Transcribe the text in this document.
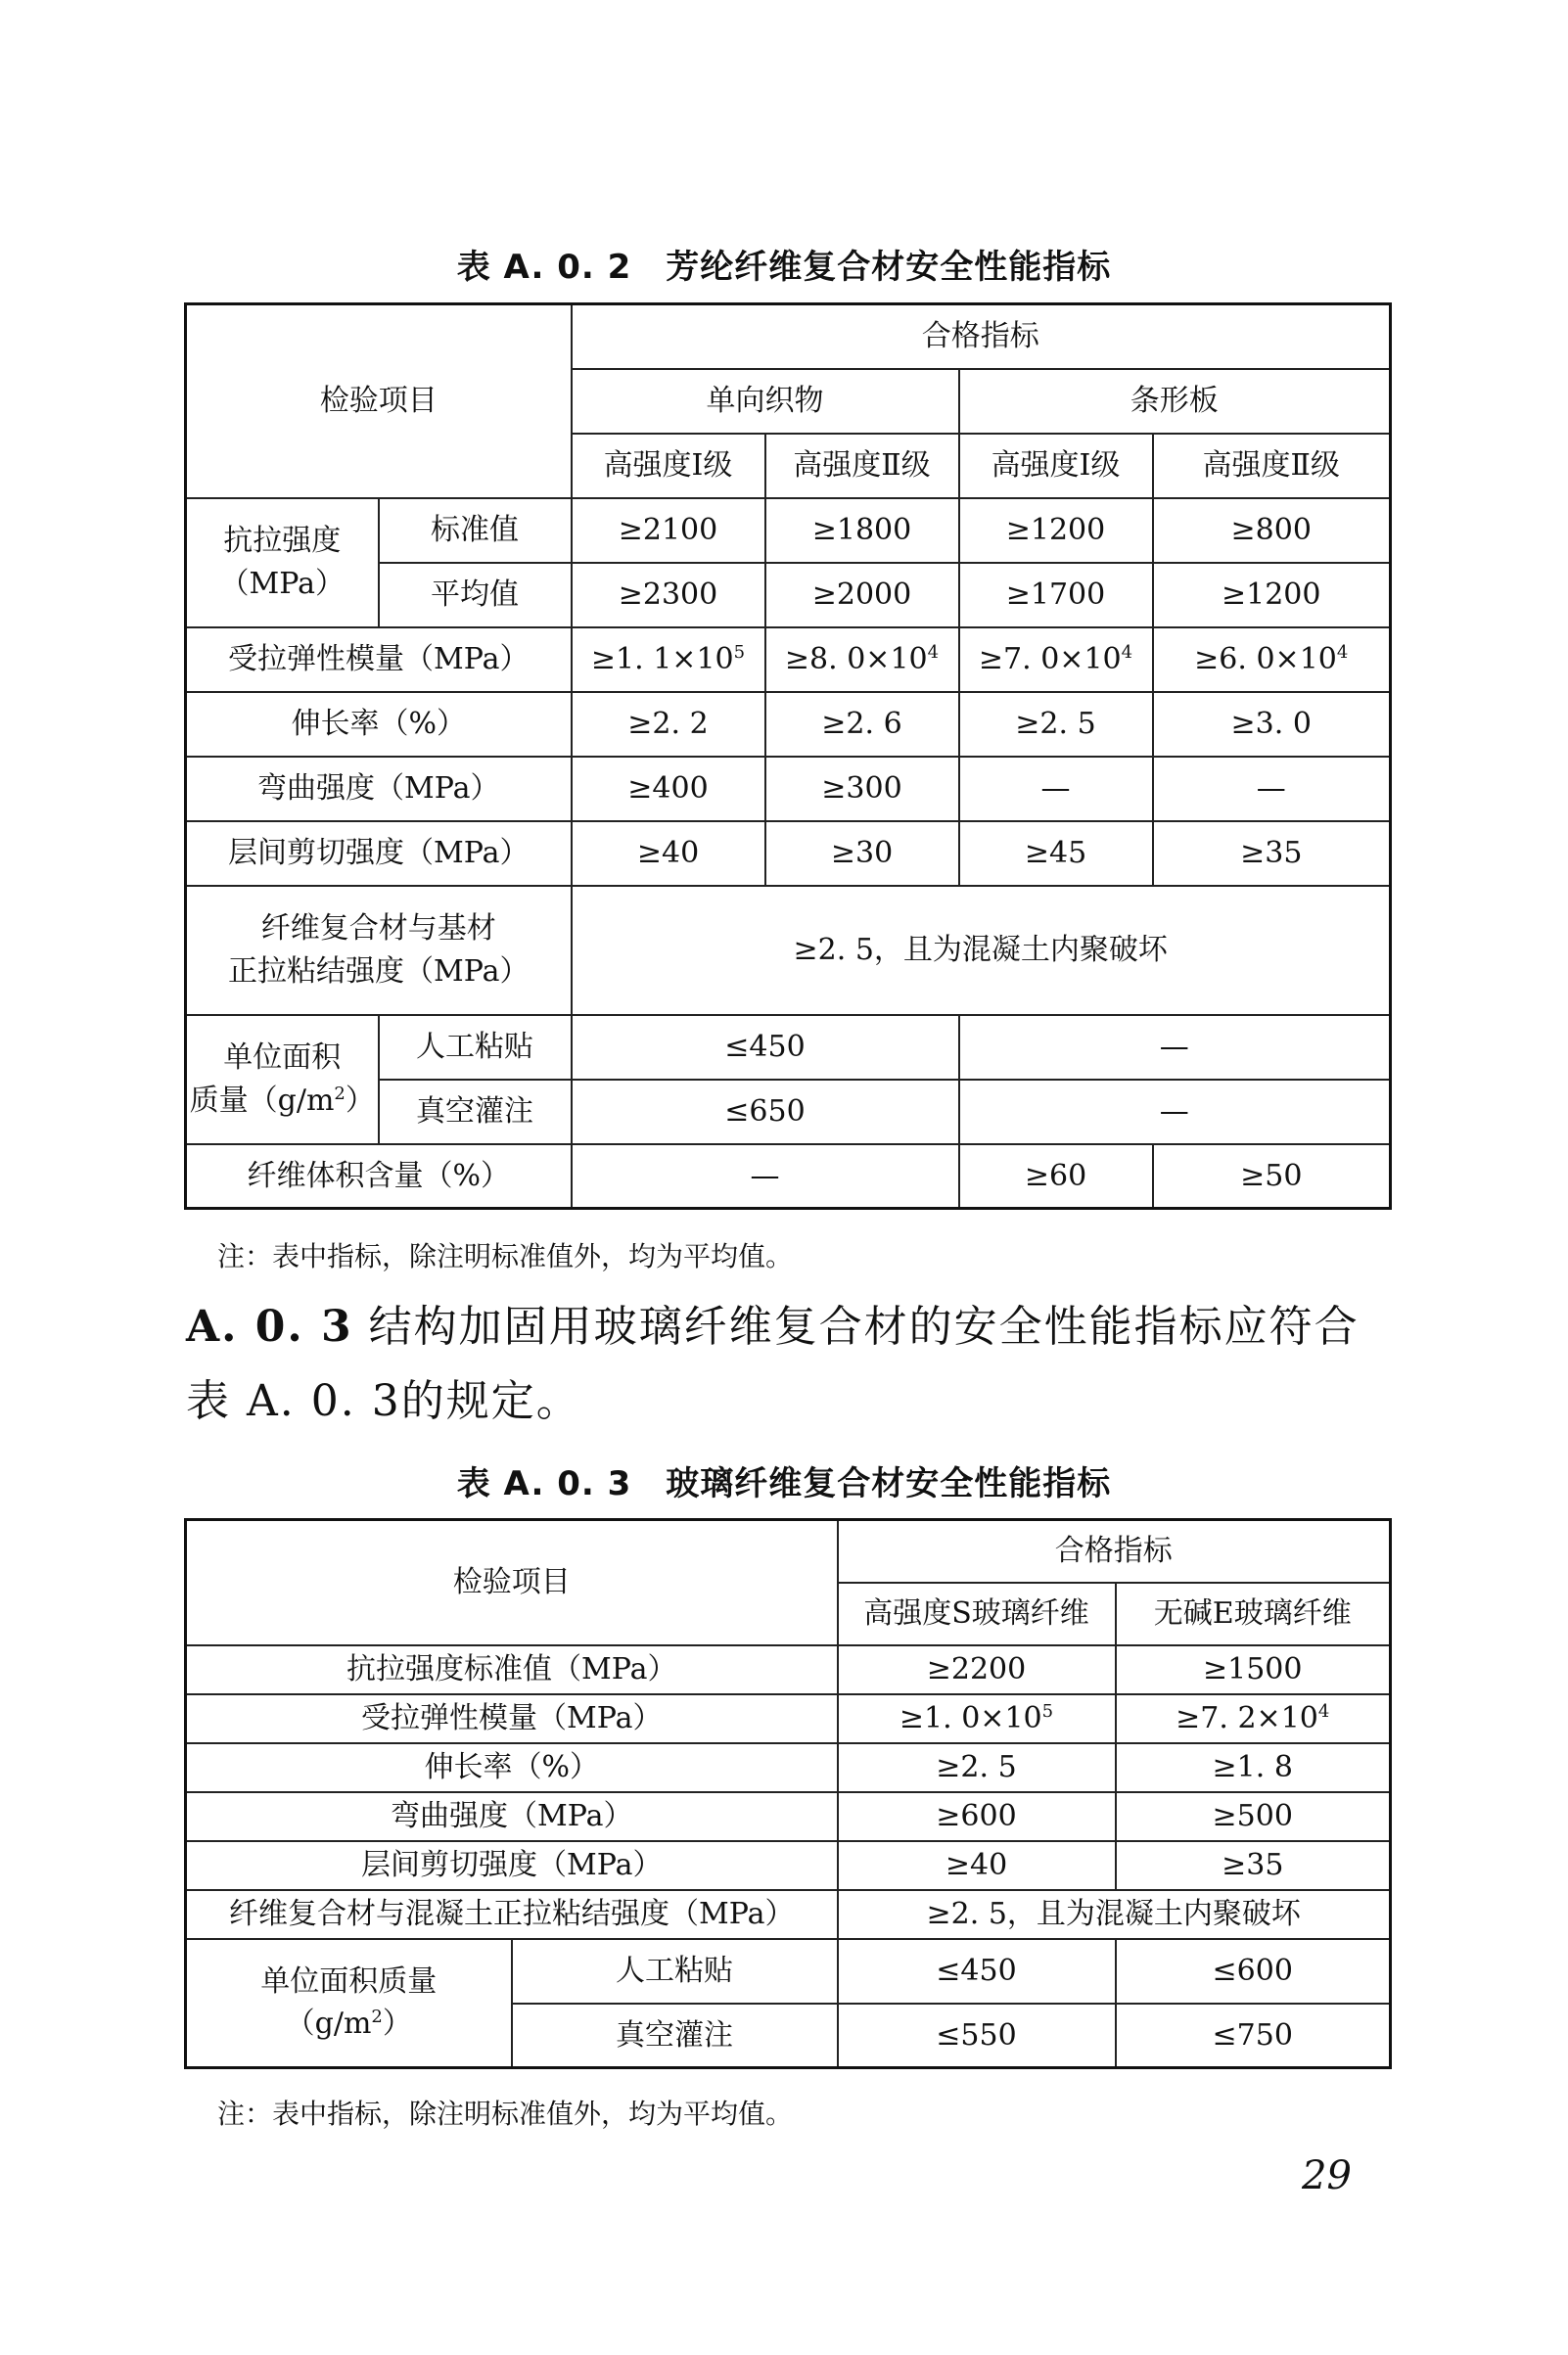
表 A. 0. 2　芳纶纤维复合材安全性能指标
检验项目		合格指标			
		单向织物		条形板	
		高强度Ⅰ级	高强度Ⅱ级	高强度Ⅰ级	高强度Ⅱ级

抗拉强度
（MPa）	标准值	≥2100	≥1800	≥1200	≥800
	平均值	≥2300	≥2000	≥1700	≥1200
受拉弹性模量（MPa）		≥1. $1\times 10^5$	≥8. $0\times 10^4$	≥7. $0\times 10^4$	≥6. $0\times 10^4$
伸长率（%）		≥2. 2	≥2. 6	≥2. 5	≥3. 0
弯曲强度（MPa）		≥400	≥300	—	—
层间剪切强度（MPa）		≥40	≥30	≥45	≥35

纤维复合材与基材
正拉粘结强度（MPa）		≥2. 5，且为混凝土内聚破坏			

单位面积
质量$(g/m^2)$	人工粘贴	≤450		—	
	真空灌注	≤650		—	
纤维体积含量（%）		—		≥60	≥50
注：表中指标，除注明标准值外，均为平均值。
A. 0. 3 结构加固用玻璃纤维复合材的安全性能指标应符合表 A. 0. 3的规定。
表 A. 0. 3　玻璃纤维复合材安全性能指标
检验项目		合格指标	
		高强度S玻璃纤维	无碱E玻璃纤维
抗拉强度标准值（MPa）		≥2200	≥1500
受拉弹性模量（MPa）		≥1. $0\times 10^5$	≥7. $2\times 10^4$
伸长率（%）		≥2. 5	≥1. 8
弯曲强度（MPa）		≥600	≥500
层间剪切强度（MPa）		≥40	≥35
纤维复合材与混凝土正拉粘结强度（MPa）		≥2. 5，且为混凝土内聚破坏	

单位面积质量
$(g/m^2)$	人工粘贴	≤450	≤600
	真空灌注	≤550	≤750
注：表中指标，除注明标准值外，均为平均值。
29
